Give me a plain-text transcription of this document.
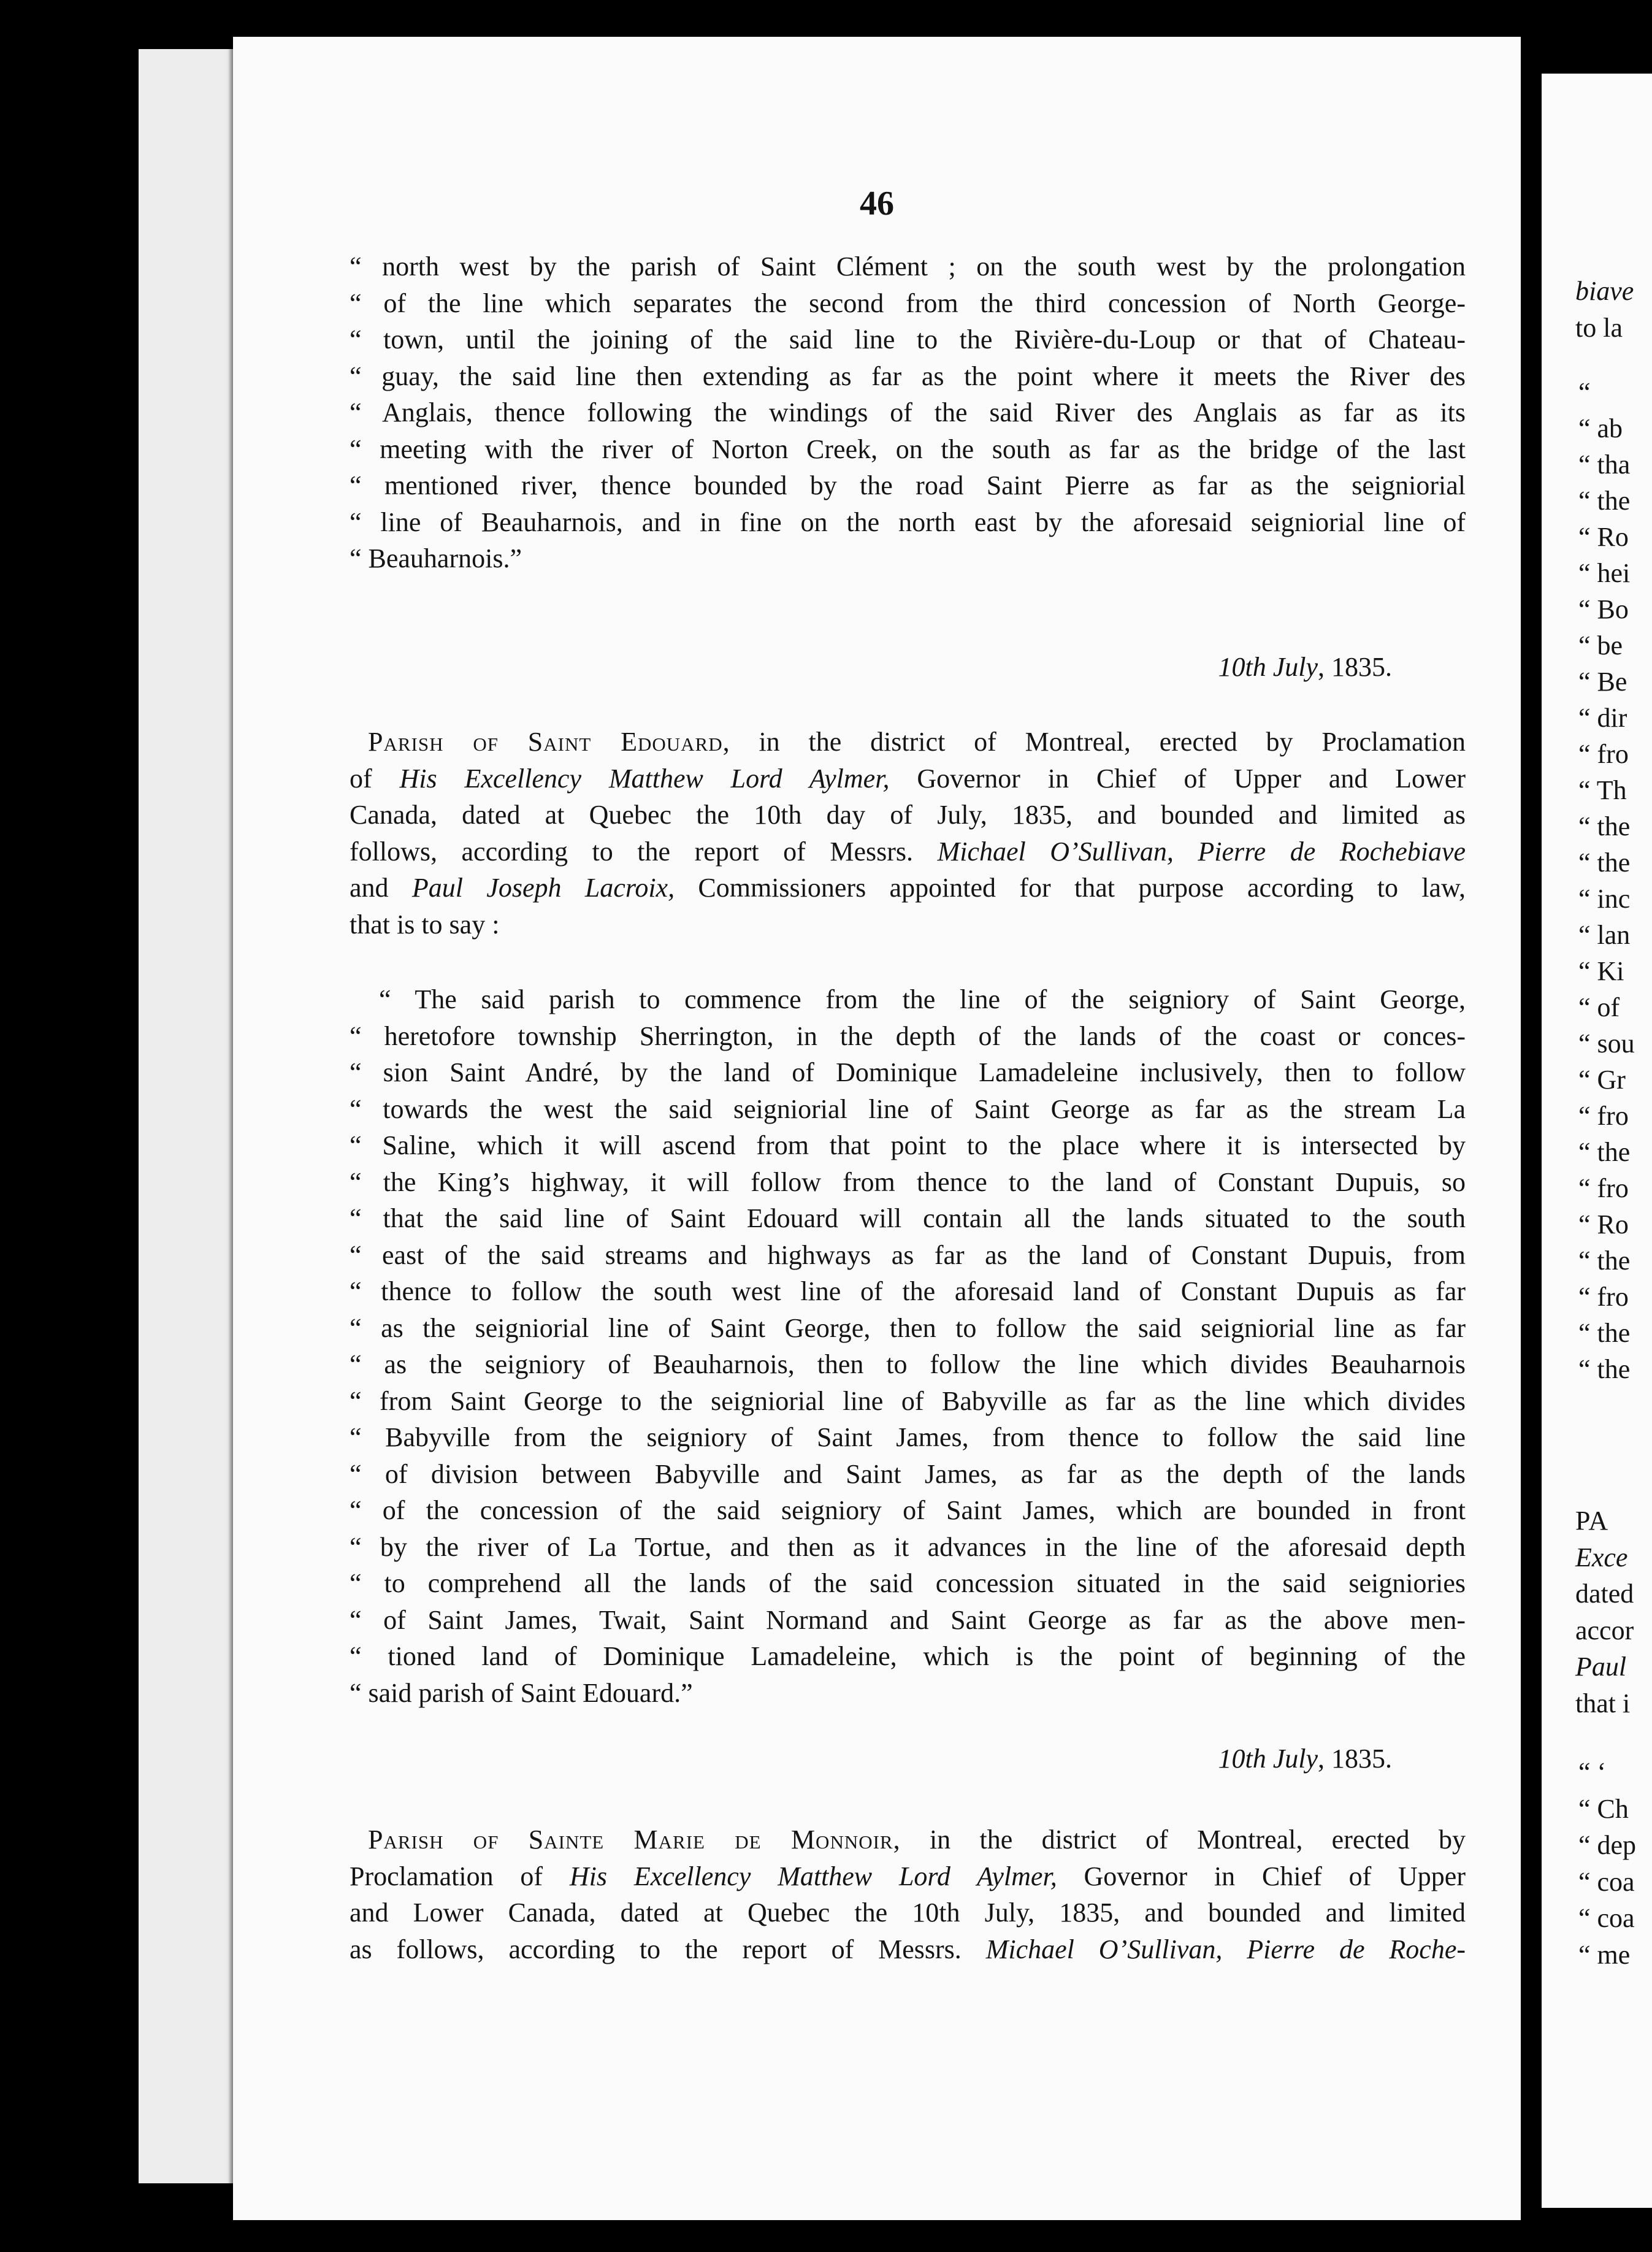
46
“ north west by the parish of Saint Clément ; on the south west by the prolongation
“ of the line which separates the second from the third concession of North George-
“ town, until the joining of the said line to the Rivière-du-Loup or that of Chateau-
“ guay, the said line then extending as far as the point where it meets the River des
“ Anglais, thence following the windings of the said River des Anglais as far as its
“ meeting with the river of Norton Creek, on the south as far as the bridge of the last
“ mentioned river, thence bounded by the road Saint Pierre as far as the seigniorial
“ line of Beauharnois, and in fine on the north east by the aforesaid seigniorial line of
“ Beauharnois.”
10th July, 1835.
Parish of Saint Edouard, in the district of Montreal, erected by Proclamation
of His Excellency Matthew Lord Aylmer, Governor in Chief of Upper and Lower
Canada, dated at Quebec the 10th day of July, 1835, and bounded and limited as
follows, according to the report of Messrs. Michael O’Sullivan, Pierre de Rochebiave
and Paul Joseph Lacroix, Commissioners appointed for that purpose according to law,
that is to say :
“ The said parish to commence from the line of the seigniory of Saint George,
“ heretofore township Sherrington, in the depth of the lands of the coast or conces-
“ sion Saint André, by the land of Dominique Lamadeleine inclusively, then to follow
“ towards the west the said seigniorial line of Saint George as far as the stream La
“ Saline, which it will ascend from that point to the place where it is intersected by
“ the King’s highway, it will follow from thence to the land of Constant Dupuis, so
“ that the said line of Saint Edouard will contain all the lands situated to the south
“ east of the said streams and highways as far as the land of Constant Dupuis, from
“ thence to follow the south west line of the aforesaid land of Constant Dupuis as far
“ as the seigniorial line of Saint George, then to follow the said seigniorial line as far
“ as the seigniory of Beauharnois, then to follow the line which divides Beauharnois
“ from Saint George to the seigniorial line of Babyville as far as the line which divides
“ Babyville from the seigniory of Saint James, from thence to follow the said line
“ of division between Babyville and Saint James, as far as the depth of the lands
“ of the concession of the said seigniory of Saint James, which are bounded in front
“ by the river of La Tortue, and then as it advances in the line of the aforesaid depth
“ to comprehend all the lands of the said concession situated in the said seigniories
“ of Saint James, Twait, Saint Normand and Saint George as far as the above men-
“ tioned land of Dominique Lamadeleine, which is the point of beginning of the
“ said parish of Saint Edouard.”
10th July, 1835.
Parish of Sainte Marie de Monnoir, in the district of Montreal, erected by
Proclamation of His Excellency Matthew Lord Aylmer, Governor in Chief of Upper
and Lower Canada, dated at Quebec the 10th July, 1835, and bounded and limited
as follows, according to the report of Messrs. Michael O’Sullivan, Pierre de Roche-
biave
to la
“
“ ab
“ tha
“ the
“ Ro
“ hei
“ Bo
“ be
“ Be
“ dir
“ fro
“ Th
“ the
“ the
“ inc
“ lan
“ Ki
“ of
“ sou
“ Gr
“ fro
“ the
“ fro
“ Ro
“ the
“ fro
“ the
“ the
PA
Exce
dated
accor
Paul
that i
“ ‘
“ Ch
“ dep
“ coa
“ coa
“ me
